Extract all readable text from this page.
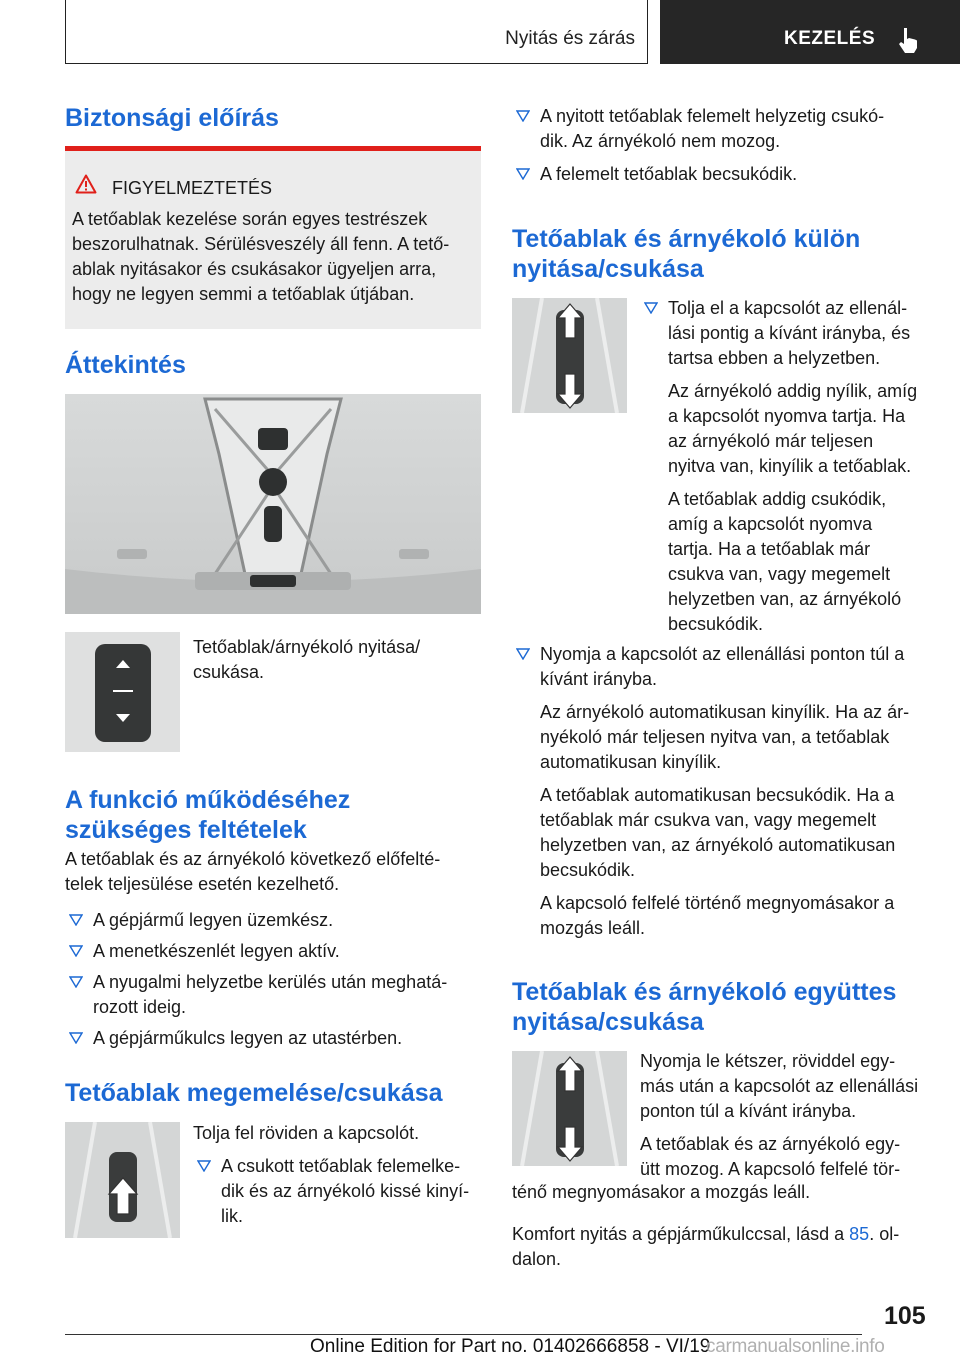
Nyitás és zárás	KEZELÉS
Biztonsági előírás
FIGYELMEZTETÉS
A tetőablak kezelése során egyes testrészek
beszorulhatnak. Sérülésveszély áll fenn. A tető‐
ablak nyitásakor és csukásakor ügyeljen arra,
hogy ne legyen semmi a tetőablak útjában.
Áttekintés
Tetőablak/árnyékoló nyitása/
csukása.
A funkció működéséhez
szükséges feltételek
A tetőablak és az árnyékoló következő előfelté‐
telek teljesülése esetén kezelhető.
A gépjármű legyen üzemkész.
A menetkészenlét legyen aktív.
A nyugalmi helyzetbe kerülés után meghatá‐
rozott ideig.
A gépjárműkulcs legyen az utastérben.
Tetőablak megemelése/csukása
Tolja fel röviden a kapcsolót.
A csukott tetőablak felemelke‐
dik és az árnyékoló kissé kinyí‐
lik.
A nyitott tetőablak felemelt helyzetig csukó‐
dik. Az árnyékoló nem mozog.
A felemelt tetőablak becsukódik.
Tetőablak és árnyékoló külön
nyitása/csukása
Tolja el a kapcsolót az ellenál‐
lási pontig a kívánt irányba, és
tartsa ebben a helyzetben.
Az árnyékoló addig nyílik, amíg
a kapcsolót nyomva tartja. Ha
az árnyékoló már teljesen
nyitva van, kinyílik a tetőablak.
A tetőablak addig csukódik,
amíg a kapcsolót nyomva
tartja. Ha a tetőablak már
csukva van, vagy megemelt
helyzetben van, az árnyékoló
becsukódik.
Nyomja a kapcsolót az ellenállási ponton túl a
kívánt irányba.
Az árnyékoló automatikusan kinyílik. Ha az ár‐
nyékoló már teljesen nyitva van, a tetőablak
automatikusan kinyílik.
A tetőablak automatikusan becsukódik. Ha a
tetőablak már csukva van, vagy megemelt
helyzetben van, az árnyékoló automatikusan
becsukódik.
A kapcsoló felfelé történő megnyomásakor a
mozgás leáll.
Tetőablak és árnyékoló együttes
nyitása/csukása
Nyomja le kétszer, röviddel egy‐
más után a kapcsolót az ellenállási
ponton túl a kívánt irányba.
A tetőablak és az árnyékoló egy‐
ütt mozog. A kapcsoló felfelé tör‐
ténő megnyomásakor a mozgás leáll.
Komfort nyitás a gépjárműkulccsal, lásd a 85. ol‐
dalon.
105
Online Edition for Part no. 01402666858 - VI/19
carmanualsonline.info
